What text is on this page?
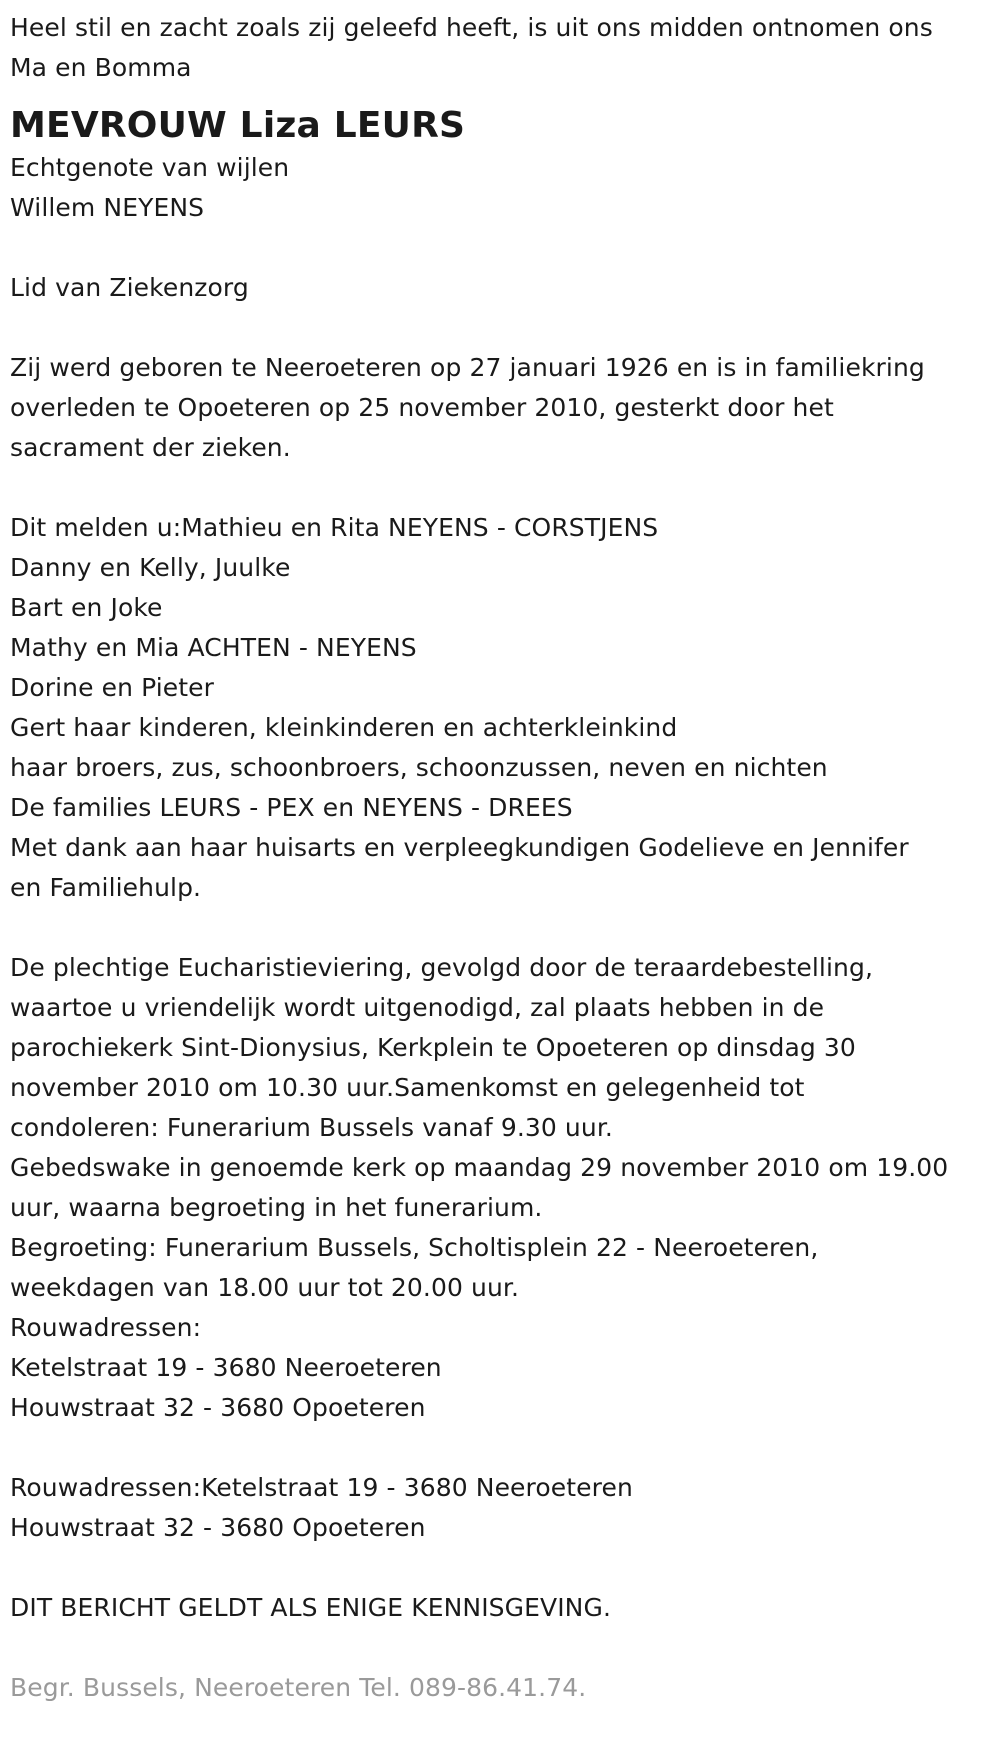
Heel stil en zacht zoals zij geleefd heeft, is uit ons midden ontnomen ons

Ma en Bomma

MEVROUW Liza LEURS

Echtgenote van wijlen

Willem NEYENS

Lid van Ziekenzorg

Zij werd geboren te Neeroeteren op 27 januari 1926 en is in familiekring

overleden te Opoeteren op 25 november 2010, gesterkt door het

sacrament der zieken.

Dit melden u:Mathieu en Rita NEYENS - CORSTJENS

Danny en Kelly, Juulke

Bart en Joke

Mathy en Mia ACHTEN - NEYENS

Dorine en Pieter

Gert haar kinderen, kleinkinderen en achterkleinkind

haar broers, zus, schoonbroers, schoonzussen, neven en nichten

De families LEURS - PEX en NEYENS - DREES

Met dank aan haar huisarts en verpleegkundigen Godelieve en Jennifer

en Familiehulp.

De plechtige Eucharistieviering, gevolgd door de teraardebestelling,

waartoe u vriendelijk wordt uitgenodigd, zal plaats hebben in de

parochiekerk Sint-Dionysius, Kerkplein te Opoeteren op dinsdag 30

november 2010 om 10.30 uur.Samenkomst en gelegenheid tot

condoleren: Funerarium Bussels vanaf 9.30 uur.

Gebedswake in genoemde kerk op maandag 29 november 2010 om 19.00

uur, waarna begroeting in het funerarium.

Begroeting: Funerarium Bussels, Scholtisplein 22 - Neeroeteren,

weekdagen van 18.00 uur tot 20.00 uur.

Rouwadressen:

Ketelstraat 19 - 3680 Neeroeteren

Houwstraat 32 - 3680 Opoeteren

Rouwadressen:Ketelstraat 19 - 3680 Neeroeteren

Houwstraat 32 - 3680 Opoeteren

DIT BERICHT GELDT ALS ENIGE KENNISGEVING.

Begr. Bussels, Neeroeteren Tel. 089-86.41.74.
